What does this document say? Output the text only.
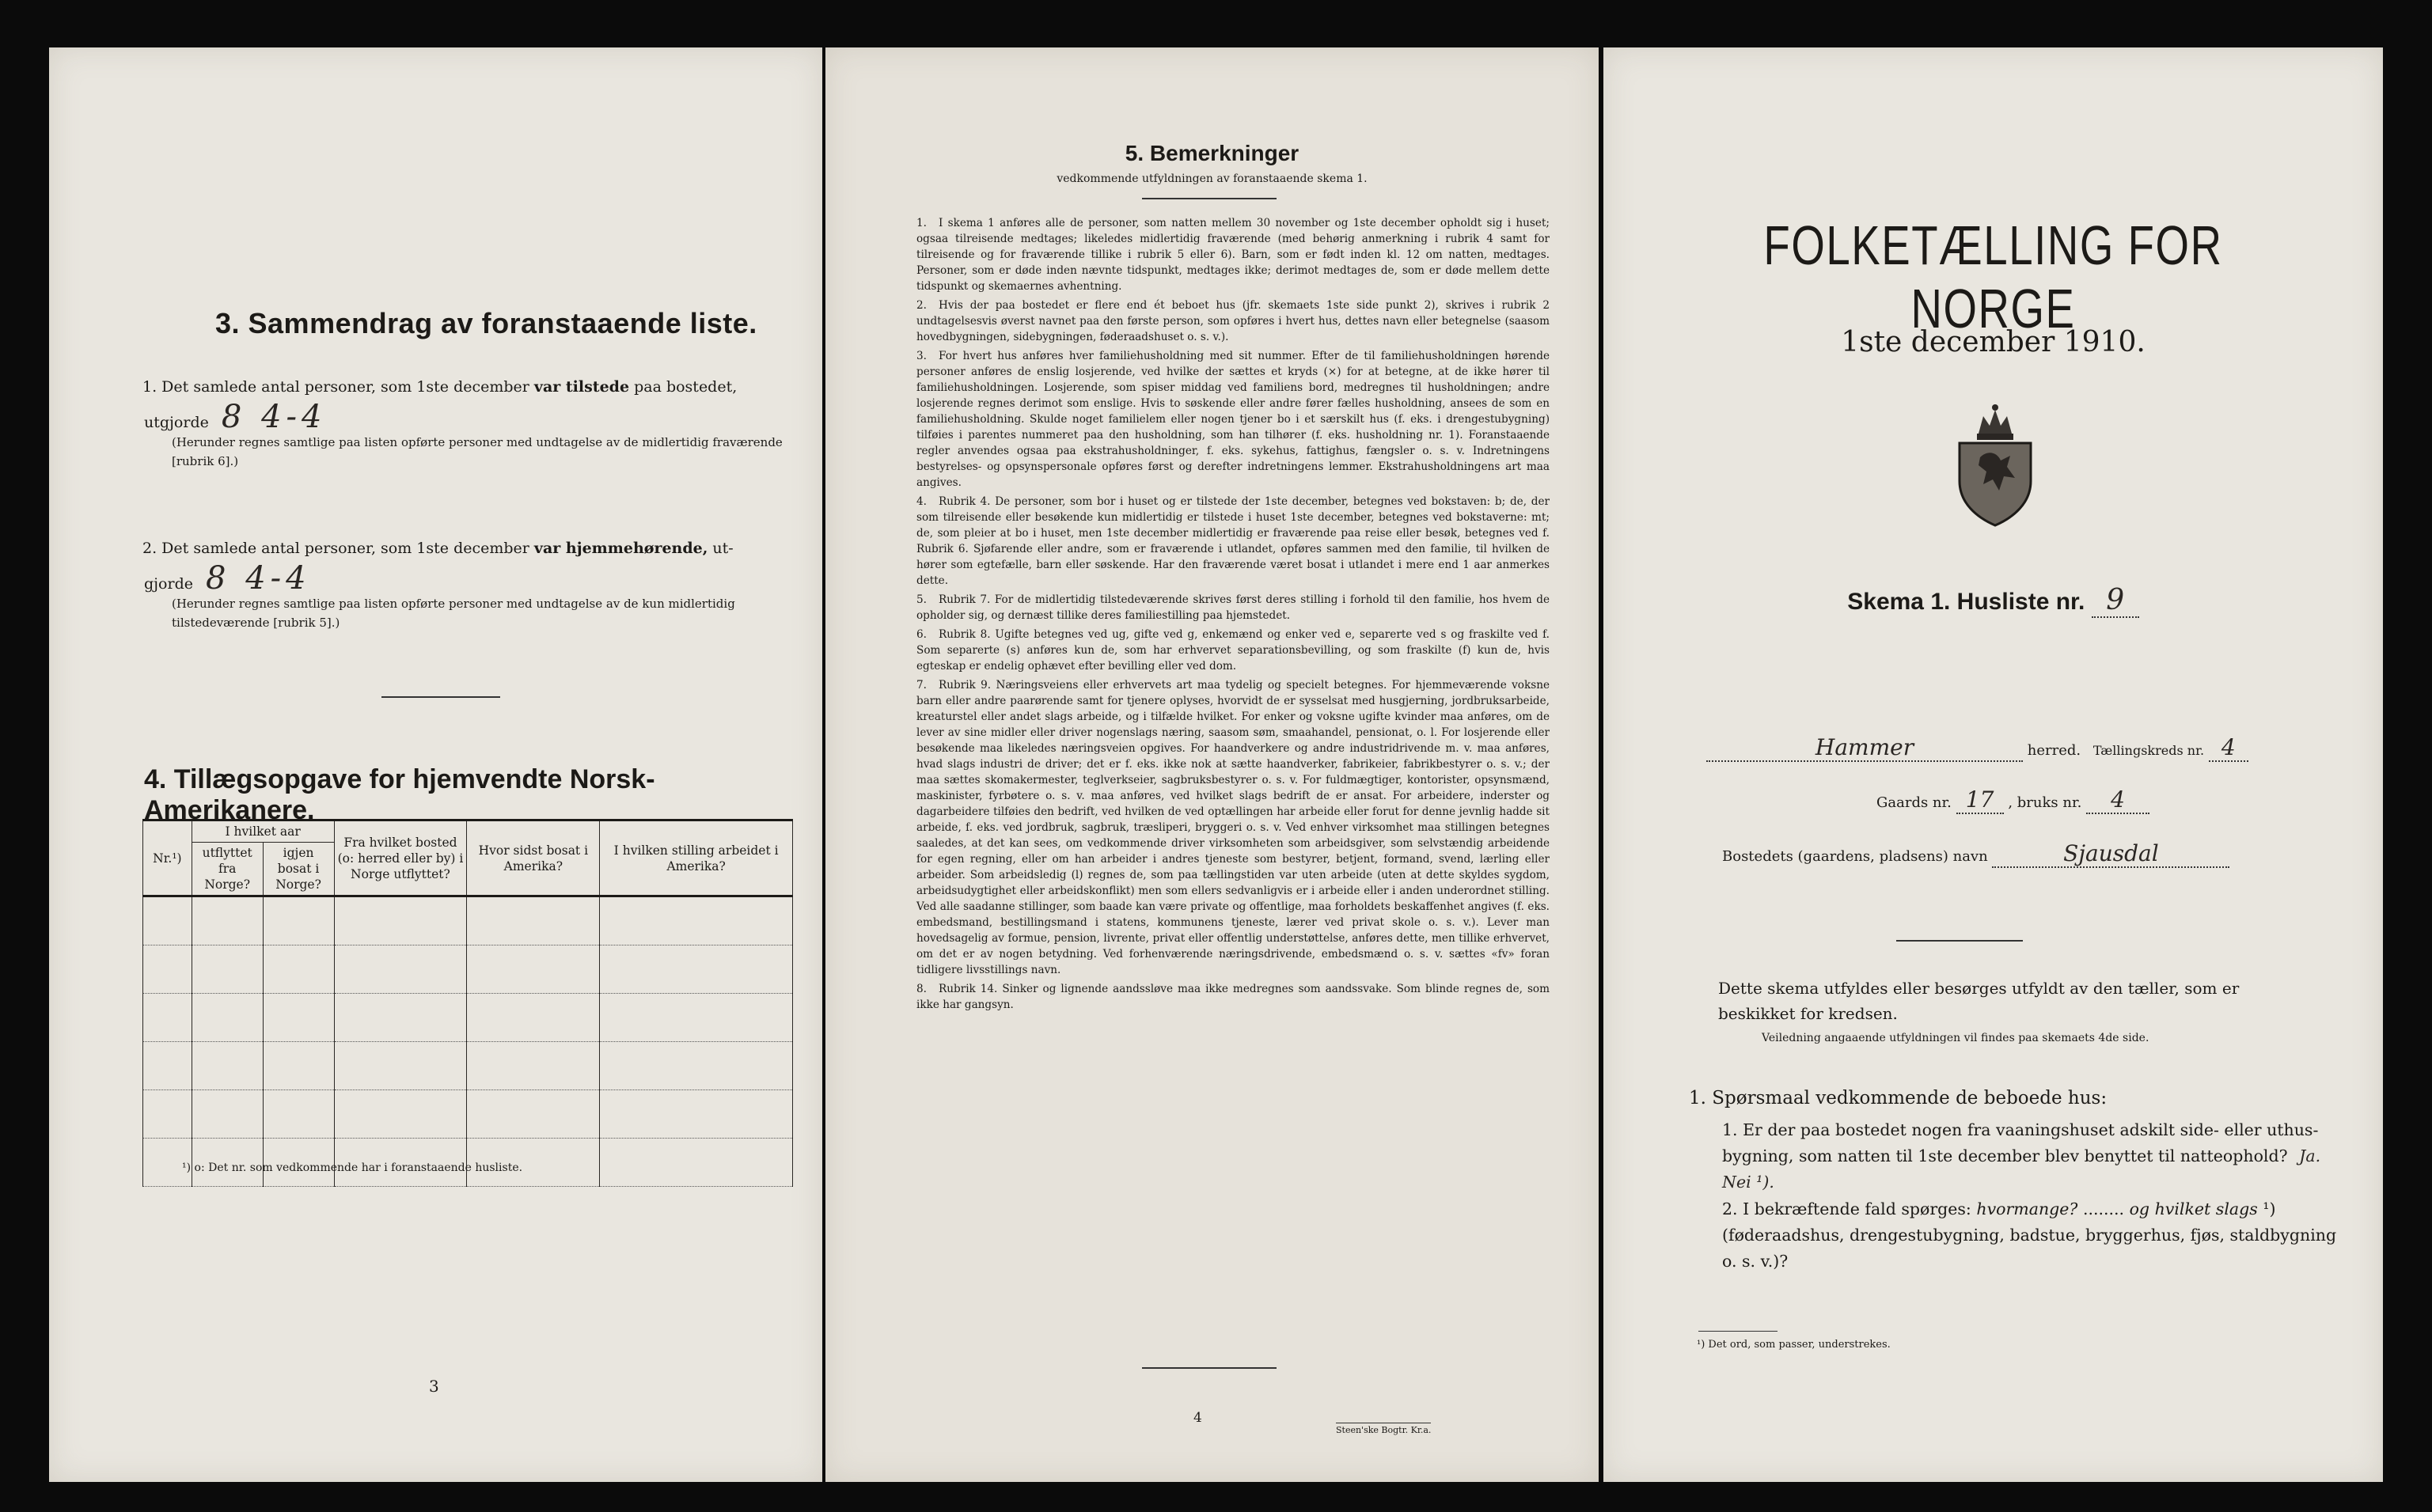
3. Sammendrag av foranstaaende liste.
1. Det samlede antal personer, som 1ste december var tilstede paa bostedet,
utgjorde 8 4-4
(Herunder regnes samtlige paa listen opførte personer med undtagelse av de midlertidig fraværende [rubrik 6].)
2. Det samlede antal personer, som 1ste december var hjemmehørende, ut-
gjorde 8 4-4
(Herunder regnes samtlige paa listen opførte personer med undtagelse av de kun midlertidig tilstedeværende [rubrik 5].)
4. Tillægsopgave for hjemvendte Norsk-Amerikanere.
Nr.¹)	I hvilket aar		Fra hvilket bosted (o: herred eller by) i Norge utflyttet?	Hvor sidst bosat i Amerika?	I hvilken stilling arbeidet i Amerika?
	utflyttet fra Norge?	igjen bosat i Norge?			

¹) o: Det nr. som vedkommende har i foranstaaende husliste.
3
5. Bemerkninger
vedkommende utfyldningen av foranstaaende skema 1.
1. I skema 1 anføres alle de personer, som natten mellem 30 november og 1ste december opholdt sig i huset; ogsaa tilreisende medtages; likeledes midlertidig fraværende (med behørig anmerkning i rubrik 4 samt for tilreisende og for fraværende tillike i rubrik 5 eller 6). Barn, som er født inden kl. 12 om natten, medtages. Personer, som er døde inden nævnte tidspunkt, medtages ikke; derimot medtages de, som er døde mellem dette tidspunkt og skemaernes avhentning.
2. Hvis der paa bostedet er flere end ét beboet hus (jfr. skemaets 1ste side punkt 2), skrives i rubrik 2 undtagelsesvis øverst navnet paa den første person, som opføres i hvert hus, dettes navn eller betegnelse (saasom hovedbygningen, sidebygningen, føderaadshuset o. s. v.).
3. For hvert hus anføres hver familiehusholdning med sit nummer. Efter de til familiehusholdningen hørende personer anføres de enslig losjerende, ved hvilke der sættes et kryds (×) for at betegne, at de ikke hører til familiehusholdningen. Losjerende, som spiser middag ved familiens bord, medregnes til husholdningen; andre losjerende regnes derimot som enslige. Hvis to søskende eller andre fører fælles husholdning, ansees de som en familiehusholdning. Skulde noget familielem eller nogen tjener bo i et særskilt hus (f. eks. i drengestubygning) tilføies i parentes nummeret paa den husholdning, som han tilhører (f. eks. husholdning nr. 1). Foranstaaende regler anvendes ogsaa paa ekstrahusholdninger, f. eks. sykehus, fattighus, fængsler o. s. v. Indretningens bestyrelses- og opsynspersonale opføres først og derefter indretningens lemmer. Ekstrahusholdningens art maa angives.
4. Rubrik 4. De personer, som bor i huset og er tilstede der 1ste december, betegnes ved bokstaven: b; de, der som tilreisende eller besøkende kun midlertidig er tilstede i huset 1ste december, betegnes ved bokstaverne: mt; de, som pleier at bo i huset, men 1ste december midlertidig er fraværende paa reise eller besøk, betegnes ved f. Rubrik 6. Sjøfarende eller andre, som er fraværende i utlandet, opføres sammen med den familie, til hvilken de hører som egtefælle, barn eller søskende. Har den fraværende været bosat i utlandet i mere end 1 aar anmerkes dette.
5. Rubrik 7. For de midlertidig tilstedeværende skrives først deres stilling i forhold til den familie, hos hvem de opholder sig, og dernæst tillike deres familiestilling paa hjemstedet.
6. Rubrik 8. Ugifte betegnes ved ug, gifte ved g, enkemænd og enker ved e, separerte ved s og fraskilte ved f. Som separerte (s) anføres kun de, som har erhvervet separationsbevilling, og som fraskilte (f) kun de, hvis egteskap er endelig ophævet efter bevilling eller ved dom.
7. Rubrik 9. Næringsveiens eller erhvervets art maa tydelig og specielt betegnes. For hjemmeværende voksne barn eller andre paarørende samt for tjenere oplyses, hvorvidt de er sysselsat med husgjerning, jordbruksarbeide, kreaturstel eller andet slags arbeide, og i tilfælde hvilket. For enker og voksne ugifte kvinder maa anføres, om de lever av sine midler eller driver nogenslags næring, saasom søm, smaahandel, pensionat, o. l. For losjerende eller besøkende maa likeledes næringsveien opgives. For haandverkere og andre industridrivende m. v. maa anføres, hvad slags industri de driver; det er f. eks. ikke nok at sætte haandverker, fabrikeier, fabrikbestyrer o. s. v.; der maa sættes skomakermester, teglverkseier, sagbruksbestyrer o. s. v. For fuldmægtiger, kontorister, opsynsmænd, maskinister, fyrbøtere o. s. v. maa anføres, ved hvilket slags bedrift de er ansat. For arbeidere, inderster og dagarbeidere tilføies den bedrift, ved hvilken de ved optællingen har arbeide eller forut for denne jevnlig hadde sit arbeide, f. eks. ved jordbruk, sagbruk, træsliperi, bryggeri o. s. v. Ved enhver virksomhet maa stillingen betegnes saaledes, at det kan sees, om vedkommende driver virksomheten som arbeidsgiver, som selvstændig arbeidende for egen regning, eller om han arbeider i andres tjeneste som bestyrer, betjent, formand, svend, lærling eller arbeider. Som arbeidsledig (l) regnes de, som paa tællingstiden var uten arbeide (uten at dette skyldes sygdom, arbeidsudygtighet eller arbeidskonflikt) men som ellers sedvanligvis er i arbeide eller i anden underordnet stilling. Ved alle saadanne stillinger, som baade kan være private og offentlige, maa forholdets beskaffenhet angives (f. eks. embedsmand, bestillingsmand i statens, kommunens tjeneste, lærer ved privat skole o. s. v.). Lever man hovedsagelig av formue, pension, livrente, privat eller offentlig understøttelse, anføres dette, men tillike erhvervet, om det er av nogen betydning. Ved forhenværende næringsdrivende, embedsmænd o. s. v. sættes «fv» foran tidligere livsstillings navn.
8. Rubrik 14. Sinker og lignende aandssløve maa ikke medregnes som aandssvake. Som blinde regnes de, som ikke har gangsyn.
4
Steen'ske Bogtr. Kr.a.
FOLKETÆLLING FOR NORGE
1ste december 1910.
Skema 1. Husliste nr. 9
Hammer	herred. Tællingskreds nr. 4
Gaards nr. 17 , bruks nr. 4
Bostedets (gaardens, pladsens) navn	Sjausdal
Dette skema utfyldes eller besørges utfyldt av den tæller, som er beskikket for kredsen.
Veiledning angaaende utfyldningen vil findes paa skemaets 4de side.
1. Spørsmaal vedkommende de beboede hus:
1. Er der paa bostedet nogen fra vaaningshuset adskilt side- eller uthus-bygning, som natten til 1ste december blev benyttet til natteophold? Ja. Nei ¹).
2. I bekræftende fald spørges: hvormange? ........ og hvilket slags ¹) (føderaadshus, drengestubygning, badstue, bryggerhus, fjøs, staldbygning o. s. v.)?
¹) Det ord, som passer, understrekes.
